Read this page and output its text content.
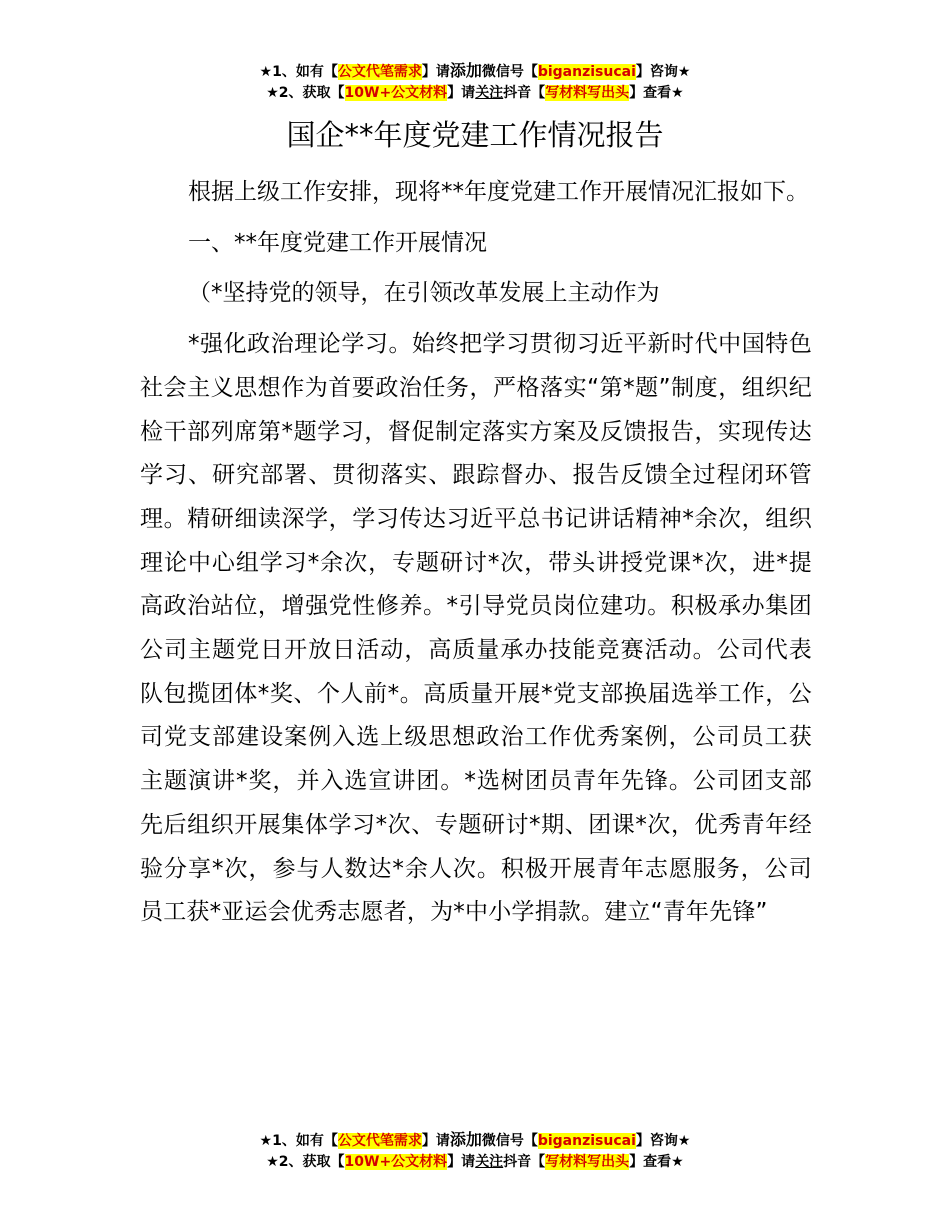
★1、如有【公文代笔需求】请添加微信号【biganzisucai】咨询★
★2、获取【10W+公文材料】请关注抖音【写材料写出头】查看★
国企**年度党建工作情况报告

根据上级工作安排，现将**年度党建工作开展情况汇报如下。

一、**年度党建工作开展情况

（*坚持党的领导，在引领改革发展上主动作为

*强化政治理论学习。始终把学习贯彻习近平新时代中国特色社会主义思想作为首要政治任务，严格落实“第*题”制度，组织纪检干部列席第*题学习，督促制定落实方案及反馈报告，实现传达学习、研究部署、贯彻落实、跟踪督办、报告反馈全过程闭环管理。精研细读深学，学习传达习近平总书记讲话精神*余次，组织理论中心组学习*余次，专题研讨*次，带头讲授党课*次，进*提高政治站位，增强党性修养。*引导党员岗位建功。积极承办集团公司主题党日开放日活动，高质量承办技能竞赛活动。公司代表队包揽团体*奖、个人前*。高质量开展*党支部换届选举工作，公司党支部建设案例入选上级思想政治工作优秀案例，公司员工获主题演讲*奖，并入选宣讲团。*选树团员青年先锋。公司团支部先后组织开展集体学习*次、专题研讨*期、团课*次，优秀青年经验分享*次，参与人数达*余人次。积极开展青年志愿服务，公司员工获*亚运会优秀志愿者，为*中小学捐款。建立“青年先锋”

★1、如有【公文代笔需求】请添加微信号【biganzisucai】咨询★
★2、获取【10W+公文材料】请关注抖音【写材料写出头】查看★
